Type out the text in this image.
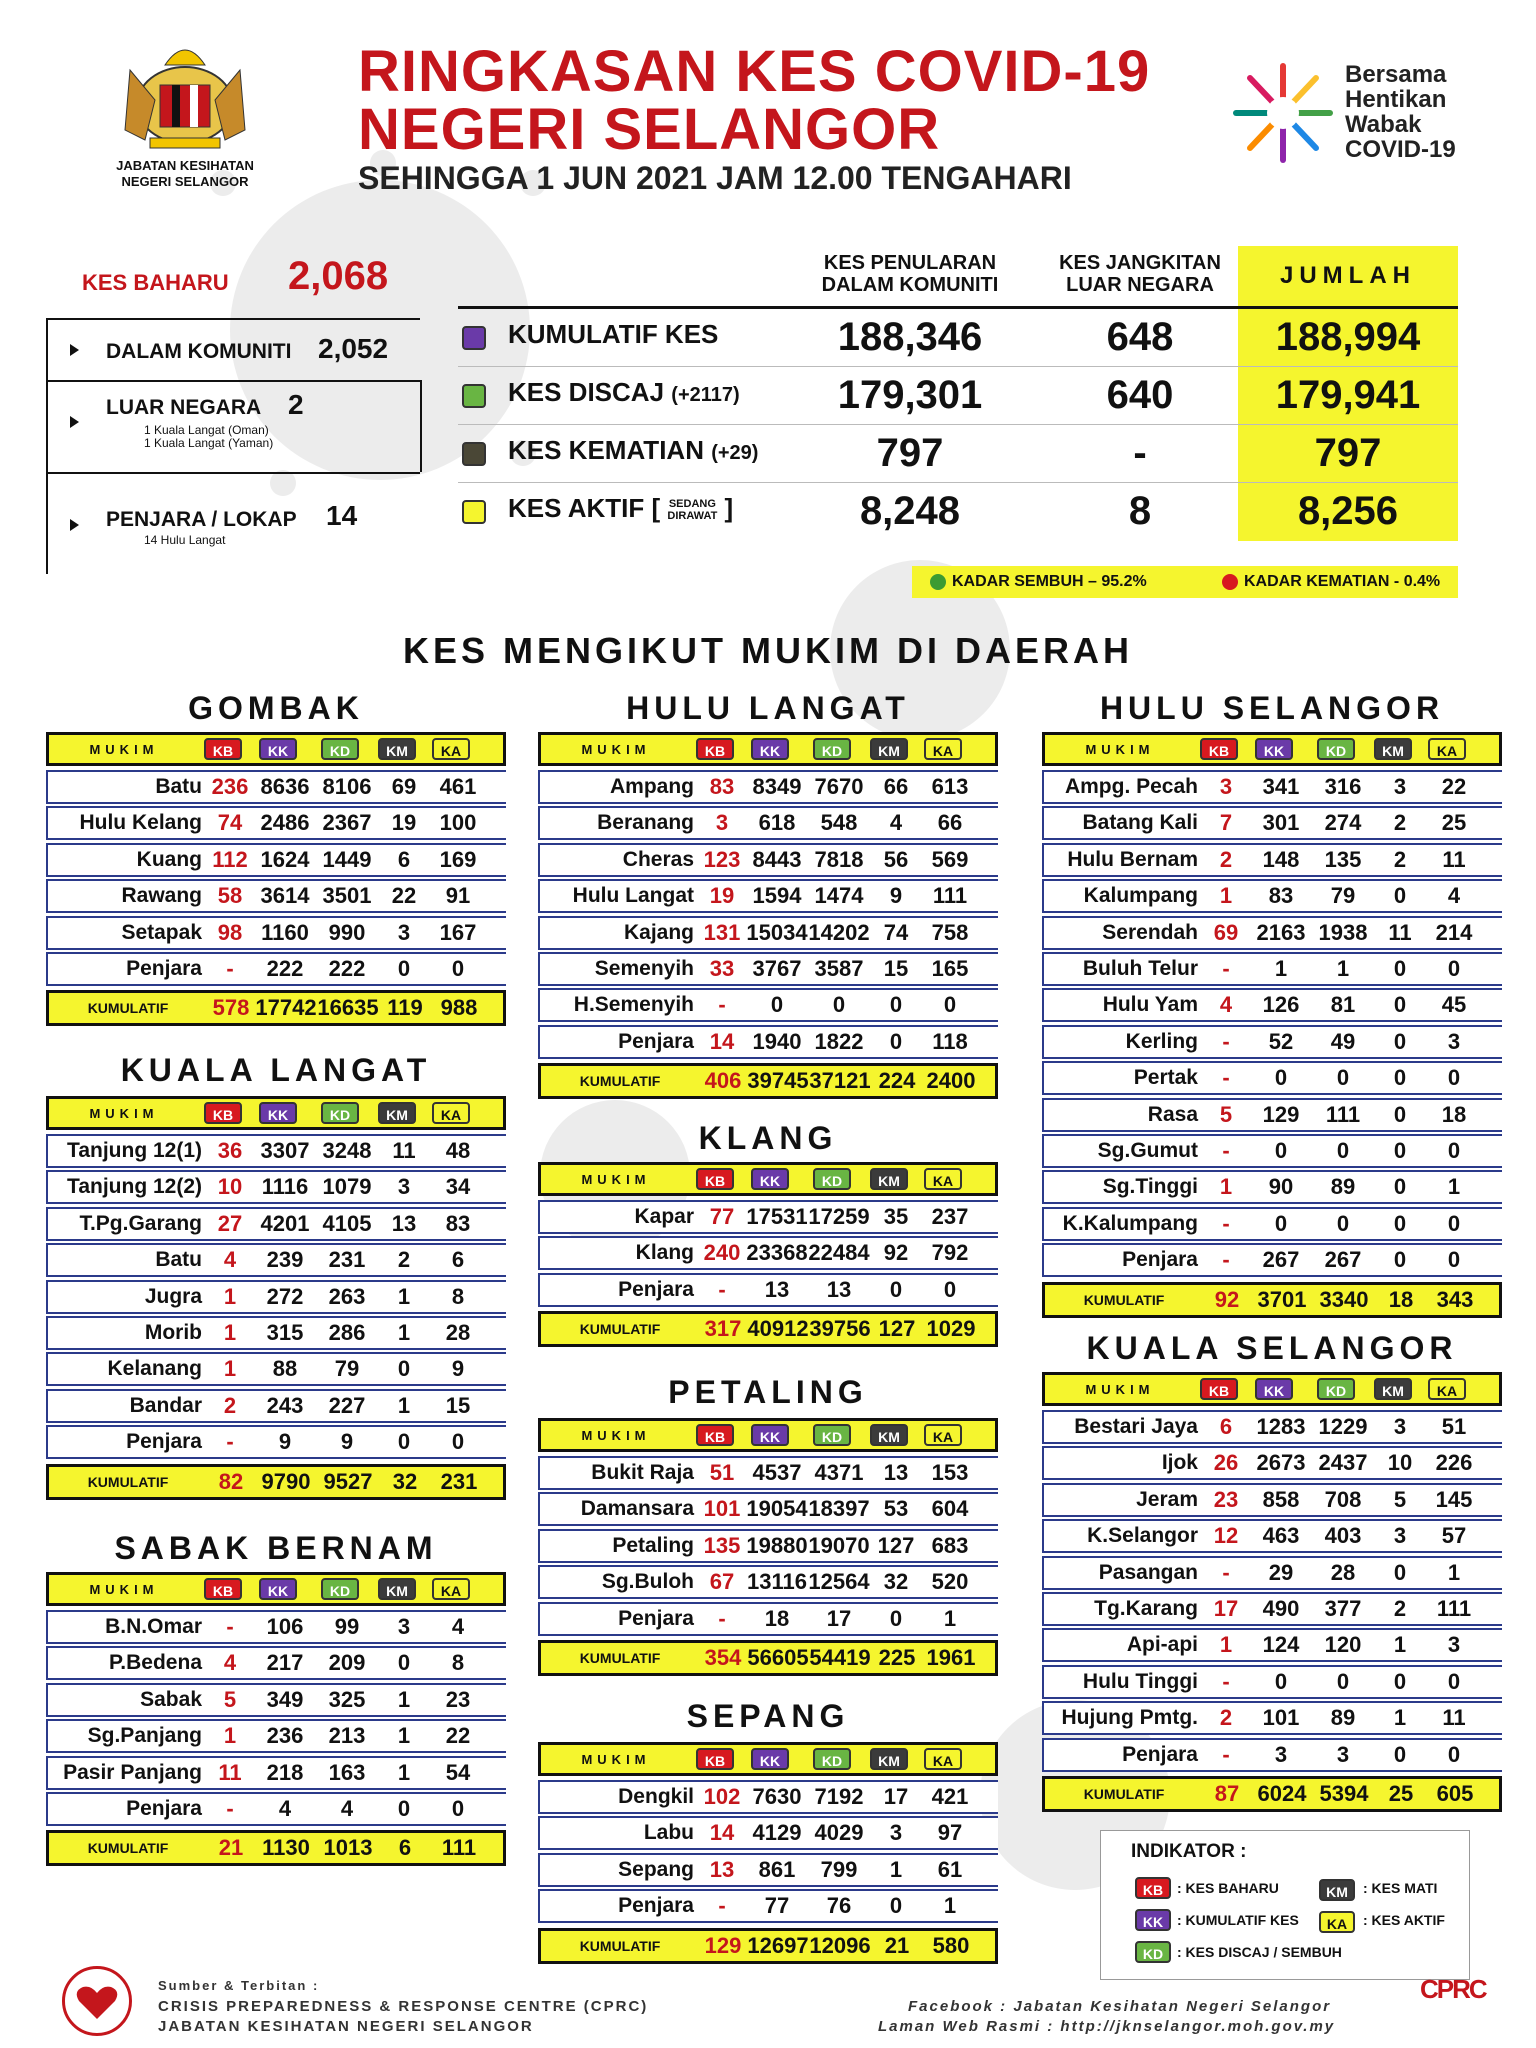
JABATAN KESIHATAN
NEGERI SELANGOR
RINGKASAN KES COVID-19
NEGERI SELANGOR
SEHINGGA 1 JUN 2021 JAM 12.00 TENGAHARI
Bersama
Hentikan
Wabak
COVID-19
KES BAHARU 2,068
DALAM KOMUNITI 2,052
LUAR NEGARA 2
1 Kuala Langat (Oman)
1 Kuala Langat (Yaman)
PENJARA / LOKAP 14
14 Hulu Langat
KES PENULARAN
DALAM KOMUNITI
KES JANGKITAN
LUAR NEGARA	JUMLAH
KUMULATIF KES	188,346	648	188,994
KES DISCAJ (+2117)	179,301	640	179,941
KES KEMATIAN (+29)	797	-	797
KES AKTIF [ SEDANG
DIRAWAT ]	8,248	8	8,256
KADAR SEMBUH – 95.2%	KADAR KEMATIAN - 0.4%
KES MENGIKUT MUKIM DI DAERAH
GOMBAK
MUKIM	KB	KK	KD	KM	KA
Batu 236 8636 8106 69	461
Hulu Kelang 74 2486 2367 19	100
Kuang 112 1624 1449	6	169
Rawang 58 3614 3501 22	91
Setapak 98 1160 990	3	167
Penjara	-	222	222	0	0
KUMULATIF	578 17742 16635 119 988
KUALA LANGAT
MUKIM	KB	KK	KD	KM	KA
Tanjung 12(1) 36 3307 3248 11	48
Tanjung 12(2) 10 1116 1079	3	34
T.Pg.Garang 27 4201 4105 13	83
Batu 4	239	231	2	6
Jugra 1	272	263	1	8
Morib 1	315	286	1	28
Kelanang 1	88	79	0	9
Bandar 2	243	227	1	15
Penjara	-	9	9	0	0
KUMULATIF	82 9790 9527 32	231
SABAK BERNAM
MUKIM	KB	KK	KD	KM	KA
B.N.Omar	-	106	99	3	4
P.Bedena 4	217	209	0	8
Sabak 5	349	325	1	23
Sg.Panjang 1	236	213	1	22
Pasir Panjang 11	218	163	1	54
Penjara	-	4	4	0	0
KUMULATIF	21 1130 1013	6	111
HULU LANGAT
MUKIM	KB	KK	KD	KM	KA
Ampang 83 8349 7670 66	613
Beranang 3	618	548	4	66
Cheras 123 8443 7818 56	569
Hulu Langat 19 1594 1474	9	111
Kajang 131 15034 14202 74	758
Semenyih 33 3767 3587 15	165
H.Semenyih	-	0	0	0	0
Penjara 14 1940 1822	0	118
KUMULATIF	406 39745 37121 224 2400
KLANG
MUKIM	KB	KK	KD	KM	KA
Kapar 77 17531 17259 35	237
Klang 240 23368 22484 92	792
Penjara	-	13	13	0	0
KUMULATIF	317 40912 39756 127 1029
PETALING
MUKIM	KB	KK	KD	KM	KA
Bukit Raja 51 4537 4371 13	153
Damansara 101 19054 18397 53	604
Petaling 135 19880 19070 127 683
Sg.Buloh 67 13116 12564 32	520
Penjara	-	18	17	0	1
KUMULATIF	354 56605 54419 225 1961
SEPANG
MUKIM	KB	KK	KD	KM	KA
Dengkil 102 7630 7192 17	421
Labu 14 4129 4029	3	97
Sepang 13	861	799	1	61
Penjara	-	77	76	0	1
KUMULATIF	129 12697 12096 21	580
HULU SELANGOR
MUKIM	KB	KK	KD	KM	KA
Ampg. Pecah 3	341	316	3	22
Batang Kali 7	301	274	2	25
Hulu Bernam 2	148	135	2	11
Kalumpang 1	83	79	0	4
Serendah 69 2163 1938 11	214
Buluh Telur	-	1	1	0	0
Hulu Yam 4	126	81	0	45
Kerling	-	52	49	0	3
Pertak	-	0	0	0	0
Rasa 5	129	111	0	18
Sg.Gumut	-	0	0	0	0
Sg.Tinggi 1	90	89	0	1
K.Kalumpang	-	0	0	0	0
Penjara	-	267	267	0	0
KUMULATIF	92 3701 3340 18	343
KUALA SELANGOR
MUKIM	KB	KK	KD	KM	KA
Bestari Jaya 6	1283 1229	3	51
Ijok 26 2673 2437 10	226
Jeram 23	858	708	5	145
K.Selangor 12	463	403	3	57
Pasangan	-	29	28	0	1
Tg.Karang 17	490	377	2	111
Api-api 1	124	120	1	3
Hulu Tinggi	-	0	0	0	0
Hujung Pmtg. 2	101	89	1	11
Penjara	-	3	3	0	0
KUMULATIF	87 6024 5394 25	605
INDIKATOR :
KB : KES BAHARU
KK : KUMULATIF KES
KD : KES DISCAJ / SEMBUH
KM	: KES MATI
KA	: KES AKTIF
Sumber & Terbitan :
CRISIS PREPAREDNESS & RESPONSE CENTRE (CPRC)
JABATAN KESIHATAN NEGERI SELANGOR
Facebook : Jabatan Kesihatan Negeri Selangor
Laman Web Rasmi : http://jknselangor.moh.gov.my
CPRC
